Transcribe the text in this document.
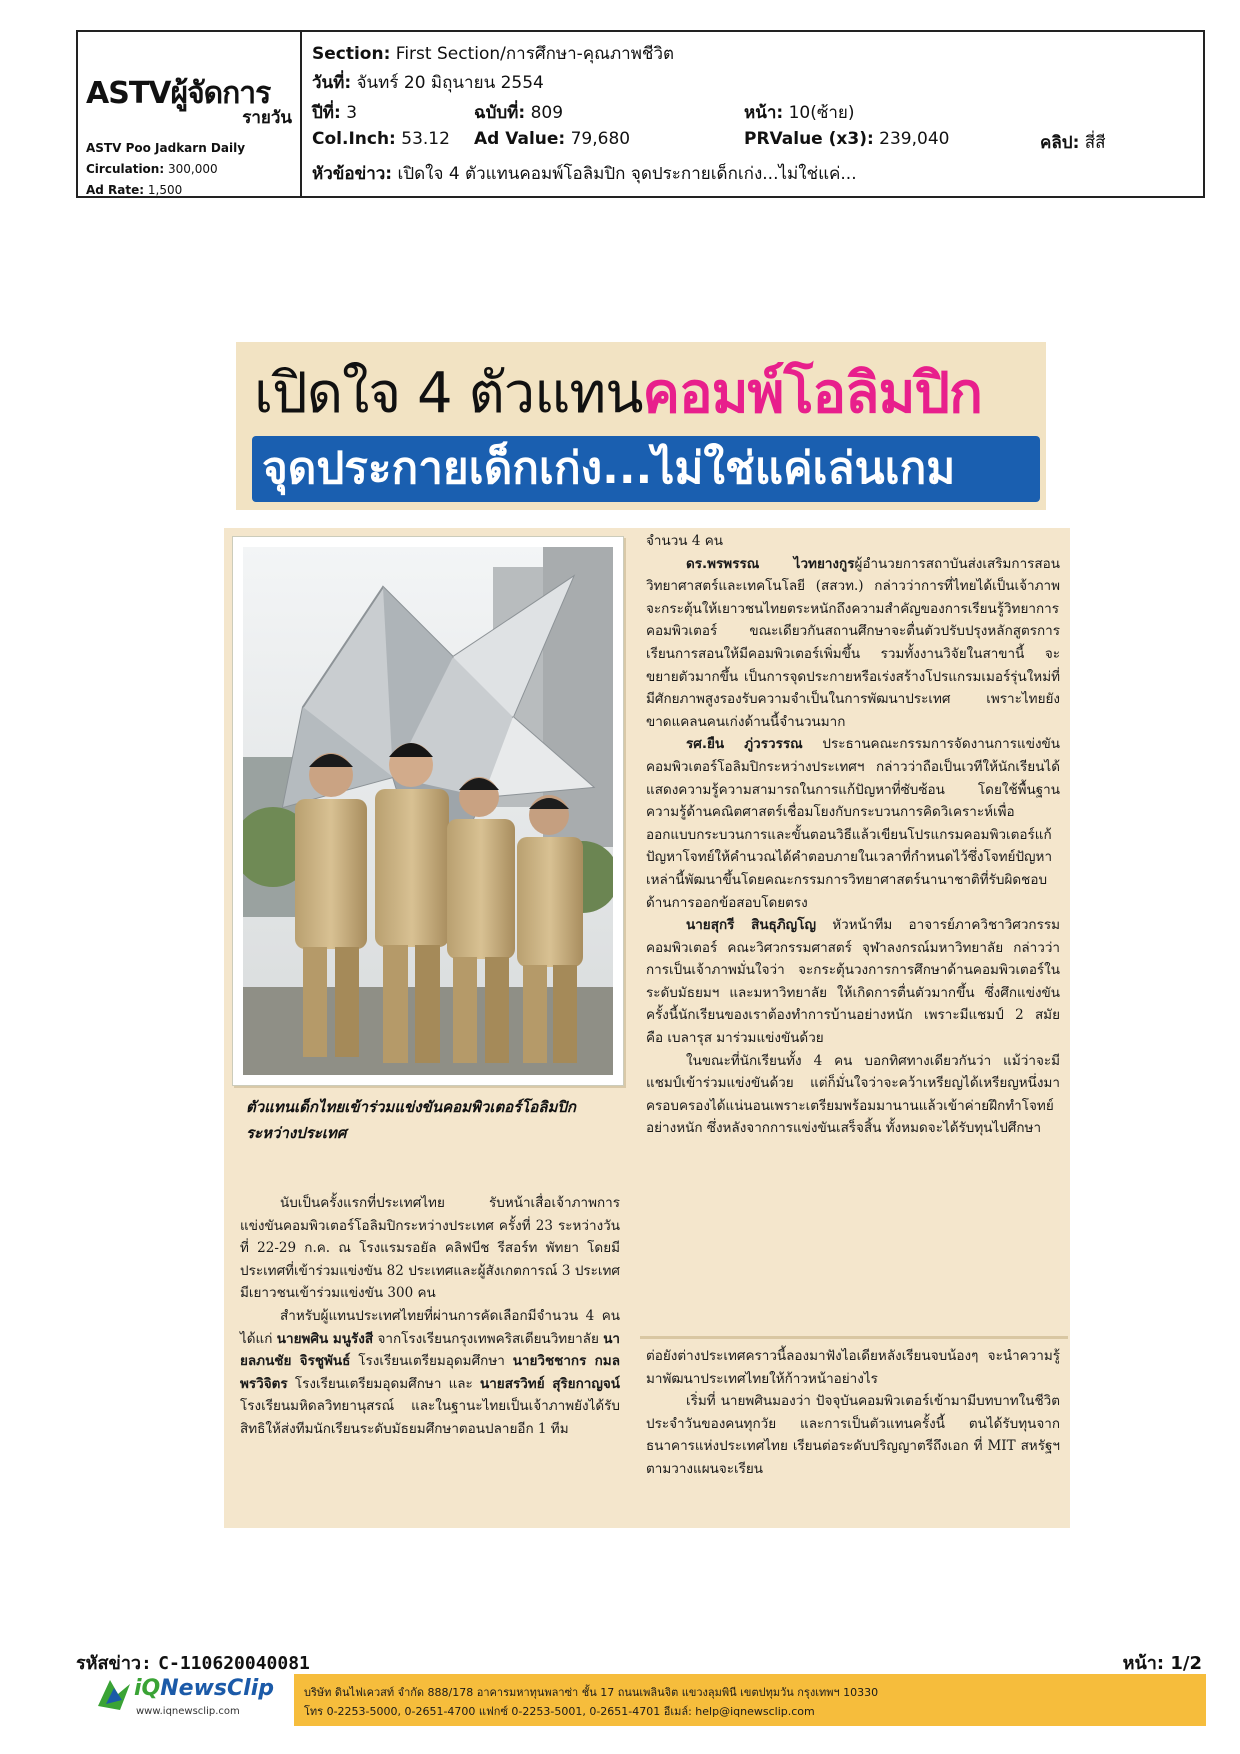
ASTVผู้จัดการ
รายวัน
ASTV Poo Jadkarn Daily
Circulation: 300,000
Ad Rate: 1,500
Section: First Section/การศึกษา-คุณภาพชีวิต
วันที่: จันทร์ 20 มิถุนายน 2554
ปีที่: 3	ฉบับที่: 809	หน้า: 10(ซ้าย)
Col.Inch: 53.12 Ad Value: 79,680	PRValue (x3): 239,040	คลิป: สี่สี
หัวข้อข่าว: เปิดใจ 4 ตัวแทนคอมพ์โอลิมปิก จุดประกายเด็กเก่ง...ไม่ใช่แค่...
เปิดใจ 4 ตัวแทนคอมพ์โอลิมปิก
จุดประกายเด็กเก่ง...ไม่ใช่แค่เล่นเกม
ตัวแทนเด็กไทยเข้าร่วมแข่งขันคอมพิวเตอร์โอลิมปิกระหว่างประเทศ

นับเป็นครั้งแรกที่ประเทศไทย รับหน้าเสื่อเจ้าภาพการแข่งขันคอมพิวเตอร์โอลิมปิกระหว่างประเทศ ครั้งที่ 23 ระหว่างวันที่ 22-29 ก.ค. ณ โรงแรมรอยัล คลิฟบีช รีสอร์ท พัทยา โดยมีประเทศที่เข้าร่วมแข่งขัน 82 ประเทศและผู้สังเกตการณ์ 3 ประเทศ มีเยาวชนเข้าร่วมแข่งขัน 300 คน

สำหรับผู้แทนประเทศไทยที่ผ่านการคัดเลือกมีจำนวน 4 คน ได้แก่ นายพศิน มนูรังสี จากโรงเรียนกรุงเทพคริสเตียนวิทยาลัย นายลภนชัย จิรชูพันธ์ โรงเรียนเตรียมอุดมศึกษา นายวิชชากร กมลพรวิจิตร โรงเรียนเตรียมอุดมศึกษา และ นายสรวิทย์ สุริยกาญจน์ โรงเรียนมหิดลวิทยานุสรณ์ และในฐานะไทยเป็นเจ้าภาพยังได้รับสิทธิให้ส่งทีมนักเรียนระดับมัธยมศึกษาตอนปลายอีก 1 ทีม

จำนวน 4 คน

ดร.พรพรรณ ไวทยางกูรผู้อำนวยการสถาบันส่งเสริมการสอนวิทยาศาสตร์และเทคโนโลยี (สสวท.) กล่าวว่าการที่ไทยได้เป็นเจ้าภาพจะกระตุ้นให้เยาวชนไทยตระหนักถึงความสำคัญของการเรียนรู้วิทยาการคอมพิวเตอร์ ขณะเดียวกันสถานศึกษาจะตื่นตัวปรับปรุงหลักสูตรการเรียนการสอนให้มีคอมพิวเตอร์เพิ่มขึ้น รวมทั้งงานวิจัยในสาขานี้ จะขยายตัวมากขึ้น เป็นการจุดประกายหรือเร่งสร้างโปรแกรมเมอร์รุ่นใหม่ที่มีศักยภาพสูงรองรับความจำเป็นในการพัฒนาประเทศ เพราะไทยยังขาดแคลนคนเก่งด้านนี้จำนวนมาก

รศ.ยืน ภู่วรวรรณ ประธานคณะกรรมการจัดงานการแข่งขันคอมพิวเตอร์โอลิมปิกระหว่างประเทศฯ กล่าวว่าถือเป็นเวทีให้นักเรียนได้แสดงความรู้ความสามารถในการแก้ปัญหาที่ซับซ้อน โดยใช้พื้นฐานความรู้ด้านคณิตศาสตร์เชื่อมโยงกับกระบวนการคิดวิเคราะห์เพื่อออกแบบกระบวนการและขั้นตอนวิธีแล้วเขียนโปรแกรมคอมพิวเตอร์แก้ปัญหาโจทย์ให้คำนวณได้คำตอบภายในเวลาที่กำหนดไว้ซึ่งโจทย์ปัญหาเหล่านี้พัฒนาขึ้นโดยคณะกรรมการวิทยาศาสตร์นานาชาติที่รับผิดชอบด้านการออกข้อสอบโดยตรง

นายสุกรี สินธุภิญโญ หัวหน้าทีม อาจารย์ภาควิชาวิศวกรรมคอมพิวเตอร์ คณะวิศวกรรมศาสตร์ จุฬาลงกรณ์มหาวิทยาลัย กล่าวว่า การเป็นเจ้าภาพมั่นใจว่า จะกระตุ้นวงการการศึกษาด้านคอมพิวเตอร์ในระดับมัธยมฯ และมหาวิทยาลัย ให้เกิดการตื่นตัวมากขึ้น ซึ่งศึกแข่งขันครั้งนี้นักเรียนของเราต้องทำการบ้านอย่างหนัก เพราะมีแชมป์ 2 สมัย คือ เบลารุส มาร่วมแข่งขันด้วย

ในขณะที่นักเรียนทั้ง 4 คน บอกทิศทางเดียวกันว่า แม้ว่าจะมีแชมป์เข้าร่วมแข่งขันด้วย แต่ก็มั่นใจว่าจะคว้าเหรียญได้เหรียญหนึ่งมาครอบครองได้แน่นอนเพราะเตรียมพร้อมมานานแล้วเข้าค่ายฝึกทำโจทย์อย่างหนัก ซึ่งหลังจากการแข่งขันเสร็จสิ้น ทั้งหมดจะได้รับทุนไปศึกษา

ต่อยังต่างประเทศคราวนี้ลองมาฟังไอเดียหลังเรียนจบน้องๆ จะนำความรู้มาพัฒนาประเทศไทยให้ก้าวหน้าอย่างไร

เริ่มที่ นายพศินมองว่า ปัจจุบันคอมพิวเตอร์เข้ามามีบทบาทในชีวิตประจำวันของคนทุกวัย และการเป็นตัวแทนครั้งนี้ ตนได้รับทุนจากธนาคารแห่งประเทศไทย เรียนต่อระดับปริญญาตรีถึงเอก ที่ MIT สหรัฐฯ ตามวางแผนจะเรียน

รหัสข่าว: C-110620040081	หน้า: 1/2
iQNewsClip
www.iqnewsclip.com
บริษัท ดินไฟเควสท์ จำกัด 888/178 อาคารมหาทุนพลาซ่า ชั้น 17 ถนนเพลินจิต แขวงลุมพินี เขตปทุมวัน กรุงเทพฯ 10330
โทร 0-2253-5000, 0-2651-4700 แฟกซ์ 0-2253-5001, 0-2651-4701 อีเมล์: help@iqnewsclip.com
